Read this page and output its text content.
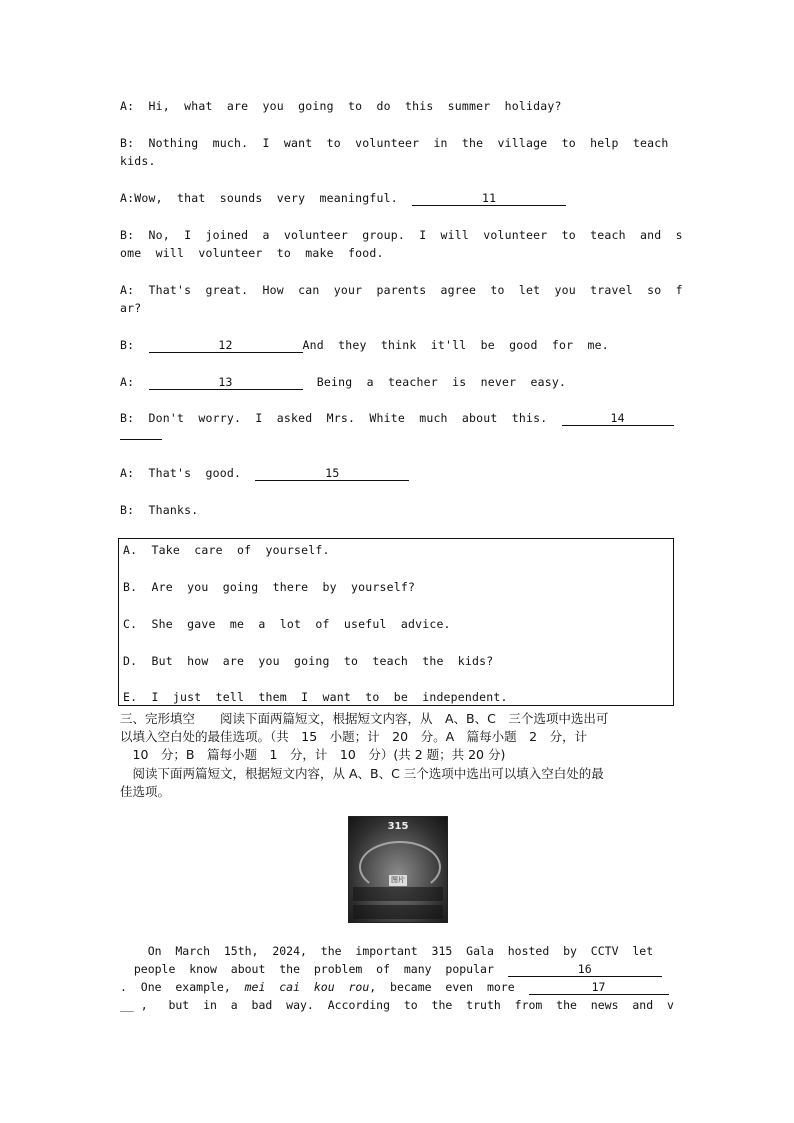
A:  Hi,  what  are  you  going  to  do  this  summer  holiday?
B:  Nothing  much.  I  want  to  volunteer  in  the  village  to  help  teach
kids.
A:Wow,  that  sounds  very  meaningful.	11
B:  No,  I  joined  a  volunteer  group.  I  will  volunteer  to  teach  and  s
ome  will  volunteer  to  make  food.
A:  That's  great.  How  can  your  parents  agree  to  let  you  travel  so  f
ar?
B:	12	And  they  think  it'll  be  good  for  me.
A:	13	Being  a  teacher  is  never  easy.
B:  Don't  worry.  I  asked  Mrs.  White  much  about  this.	14
A:  That's  good.	15
B:  Thanks.
A.  Take  care  of  yourself.
B.  Are  you  going  there  by  yourself?
C.  She  gave  me  a  lot  of  useful  advice.
D.  But  how  are  you  going  to  teach  the  kids?
E.  I  just  tell  them  I  want  to  be  independent.
三、完形填空　　阅读下面两篇短文，根据短文内容，从　A、B、C　三个选项中选出可
以填入空白处的最佳选项。（共　15　小题；计　20　分。A　篇每小题　2　分，计
　10　分；B　篇每小题　1　分，计　10　分）(共 2 题；共 20 分)
　阅读下面两篇短文，根据短文内容，从 A、B、C 三个选项中选出可以填入空白处的最
佳选项。
315
图片
On  March  15th,  2024,  the  important  315  Gala  hosted  by  CCTV  let
people  know  about  the  problem  of  many  popular	16
.  One  example,  mei  cai  kou  rou,  became  even  more	17
__ ,   but  in  a  bad  way.  According  to  the  truth  from  the  news  and  v
